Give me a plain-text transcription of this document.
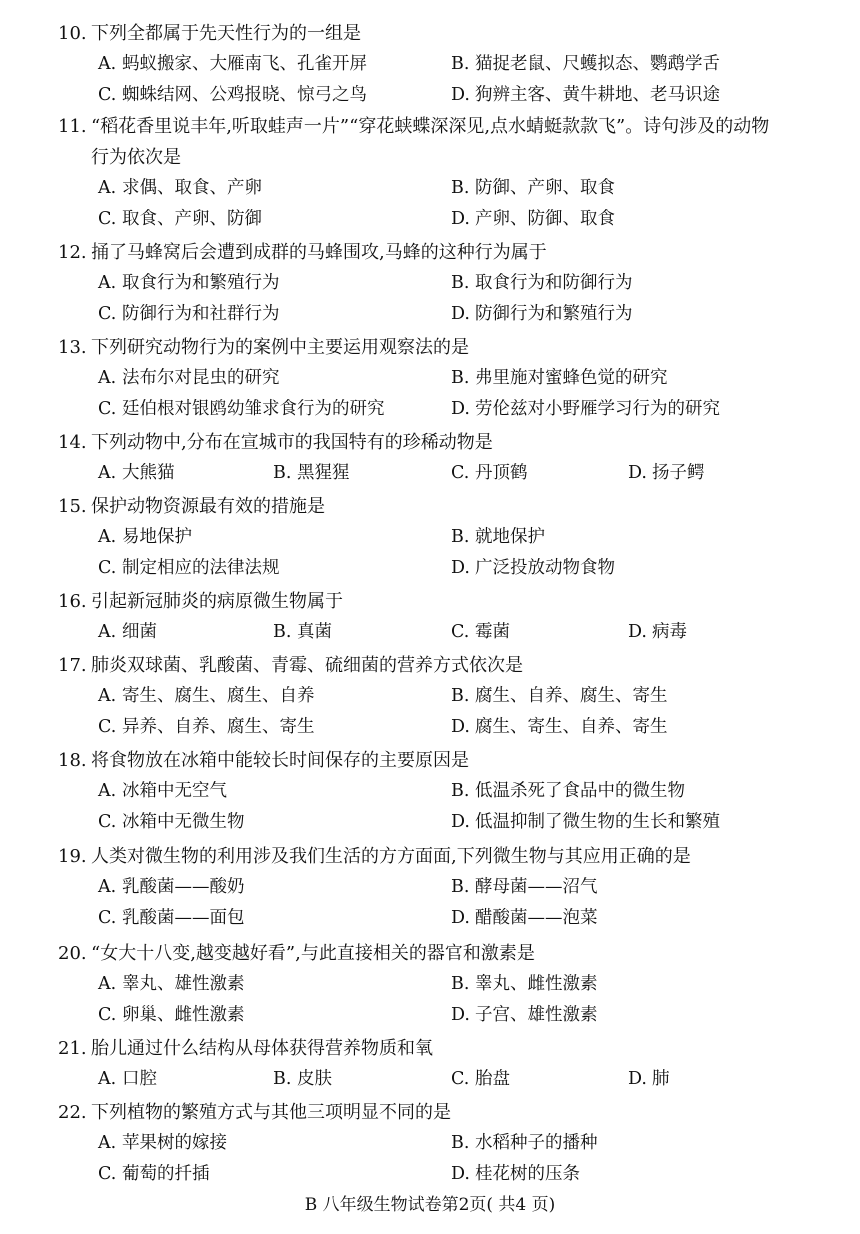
10. 下列全都属于先天性行为的一组是
A. 蚂蚁搬家、大雁南飞、孔雀开屏	B. 猫捉老鼠、尺蠖拟态、鹦鹉学舌
C. 蜘蛛结网、公鸡报晓、惊弓之鸟	D. 狗辨主客、黄牛耕地、老马识途
11. “稻花香里说丰年,听取蛙声一片”“穿花蛱蝶深深见,点水蜻蜓款款飞”。诗句涉及的动物
行为依次是
A. 求偶、取食、产卵	B. 防御、产卵、取食
C. 取食、产卵、防御	D. 产卵、防御、取食
12. 捅了马蜂窝后会遭到成群的马蜂围攻,马蜂的这种行为属于
A. 取食行为和繁殖行为	B. 取食行为和防御行为
C. 防御行为和社群行为	D. 防御行为和繁殖行为
13. 下列研究动物行为的案例中主要运用观察法的是
A. 法布尔对昆虫的研究	B. 弗里施对蜜蜂色觉的研究
C. 廷伯根对银鸥幼雏求食行为的研究	D. 劳伦兹对小野雁学习行为的研究
14. 下列动物中,分布在宣城市的我国特有的珍稀动物是
A. 大熊猫	B. 黑猩猩	C. 丹顶鹤	D. 扬子鳄
15. 保护动物资源最有效的措施是
A. 易地保护	B. 就地保护
C. 制定相应的法律法规	D. 广泛投放动物食物
16. 引起新冠肺炎的病原微生物属于
A. 细菌	B. 真菌	C. 霉菌	D. 病毒
17. 肺炎双球菌、乳酸菌、青霉、硫细菌的营养方式依次是
A. 寄生、腐生、腐生、自养	B. 腐生、自养、腐生、寄生
C. 异养、自养、腐生、寄生	D. 腐生、寄生、自养、寄生
18. 将食物放在冰箱中能较长时间保存的主要原因是
A. 冰箱中无空气	B. 低温杀死了食品中的微生物
C. 冰箱中无微生物	D. 低温抑制了微生物的生长和繁殖
19. 人类对微生物的利用涉及我们生活的方方面面,下列微生物与其应用正确的是
A. 乳酸菌——酸奶	B. 酵母菌——沼气
C. 乳酸菌——面包	D. 醋酸菌——泡菜
20. “女大十八变,越变越好看”,与此直接相关的器官和激素是
A. 睾丸、雄性激素	B. 睾丸、雌性激素
C. 卵巢、雌性激素	D. 子宫、雄性激素
21. 胎儿通过什么结构从母体获得营养物质和氧
A. 口腔	B. 皮肤	C. 胎盘	D. 肺
22. 下列植物的繁殖方式与其他三项明显不同的是
A. 苹果树的嫁接	B. 水稻种子的播种
C. 葡萄的扦插	D. 桂花树的压条
B 八年级生物试卷第2页( 共4 页)
